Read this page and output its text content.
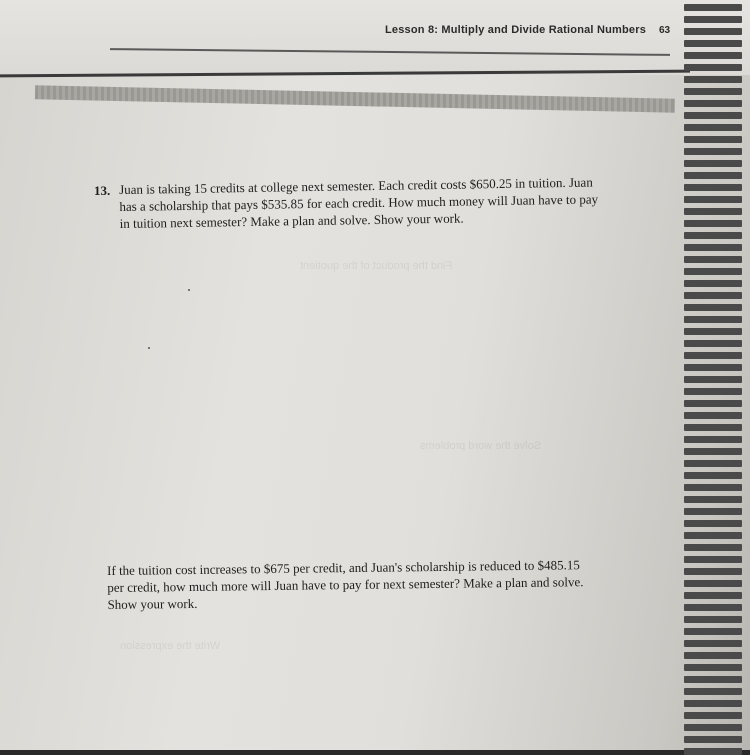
Lesson 8: Multiply and Divide Rational Numbers 63
Find the product of the quotient
Solve the word problems
Write the expression
13. Juan is taking 15 credits at college next semester. Each credit costs $650.25 in tuition. Juan
has a scholarship that pays $535.85 for each credit. How much money will Juan have to pay
in tuition next semester? Make a plan and solve. Show your work.
If the tuition cost increases to $675 per credit, and Juan's scholarship is reduced to $485.15
per credit, how much more will Juan have to pay for next semester? Make a plan and solve.
Show your work.
